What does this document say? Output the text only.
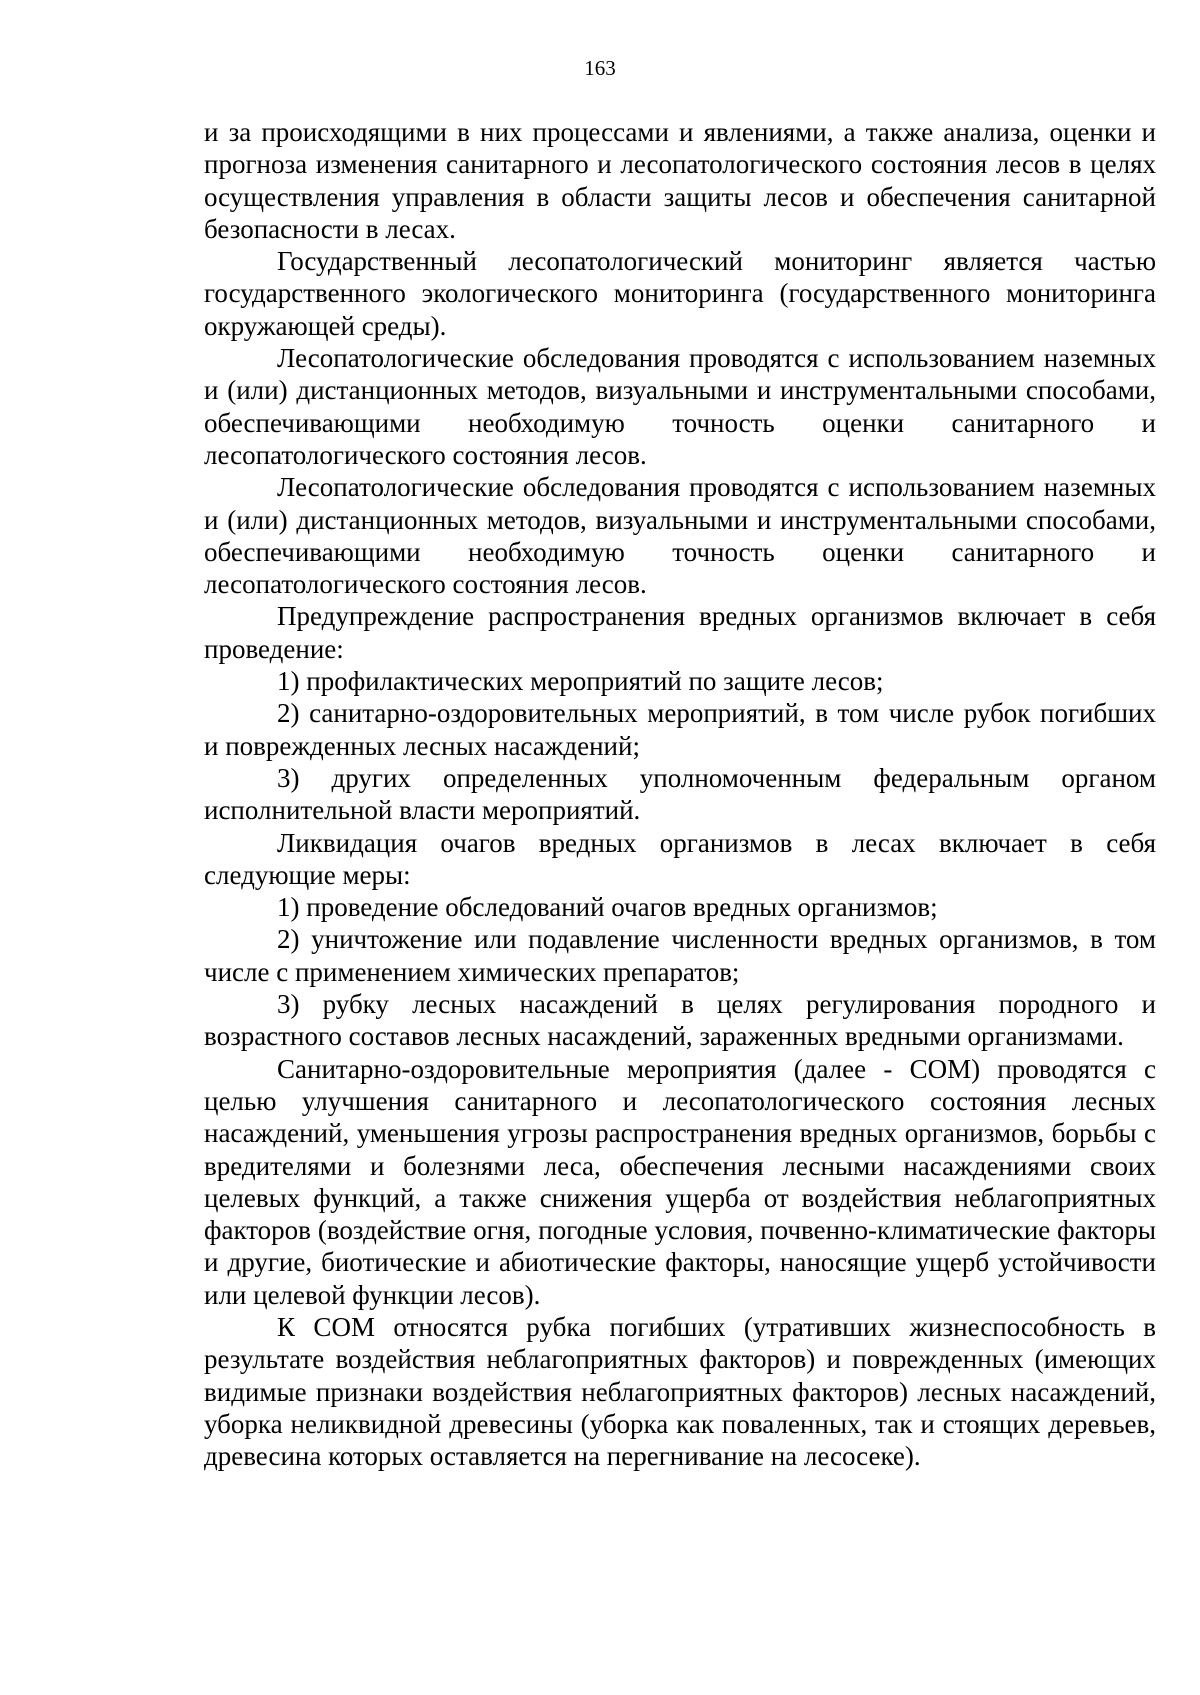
163

и за происходящими в них процессами и явлениями, а также анализа, оценки и прогноза изменения санитарного и лесопатологического состояния лесов в целях осуществления управления в области защиты лесов и обеспечения санитарной безопасности в лесах.

Государственный лесопатологический мониторинг является частью государственного экологического мониторинга (государственного мониторинга окружающей среды).

Лесопатологические обследования проводятся с использованием наземных и (или) дистанционных методов, визуальными и инструментальными способами, обеспечивающими необходимую точность оценки санитарного и лесопатологического состояния лесов.

Лесопатологические обследования проводятся с использованием наземных и (или) дистанционных методов, визуальными и инструментальными способами, обеспечивающими необходимую точность оценки санитарного и лесопатологического состояния лесов.

Предупреждение распространения вредных организмов включает в себя проведение:

1) профилактических мероприятий по защите лесов;

2) санитарно-оздоровительных мероприятий, в том числе рубок погибших и поврежденных лесных насаждений;

3) других определенных уполномоченным федеральным органом исполнительной власти мероприятий.

Ликвидация очагов вредных организмов в лесах включает в себя следующие меры:

1) проведение обследований очагов вредных организмов;

2) уничтожение или подавление численности вредных организмов, в том числе с применением химических препаратов;

3) рубку лесных насаждений в целях регулирования породного и возрастного составов лесных насаждений, зараженных вредными организмами.

Санитарно-оздоровительные мероприятия (далее - СОМ) проводятся с целью улучшения санитарного и лесопатологического состояния лесных насаждений, уменьшения угрозы распространения вредных организмов, борьбы с вредителями и болезнями леса, обеспечения лесными насаждениями своих целевых функций, а также снижения ущерба от воздействия неблагоприятных факторов (воздействие огня, погодные условия, почвенно-климатические факторы и другие, биотические и абиотические факторы, наносящие ущерб устойчивости или целевой функции лесов).

К СОМ относятся рубка погибших (утративших жизнеспособность в результате воздействия неблагоприятных факторов) и поврежденных (имеющих видимые признаки воздействия неблагоприятных факторов) лесных насаждений, уборка неликвидной древесины (уборка как поваленных, так и стоящих деревьев, древесина которых оставляется на перегнивание на лесосеке).
